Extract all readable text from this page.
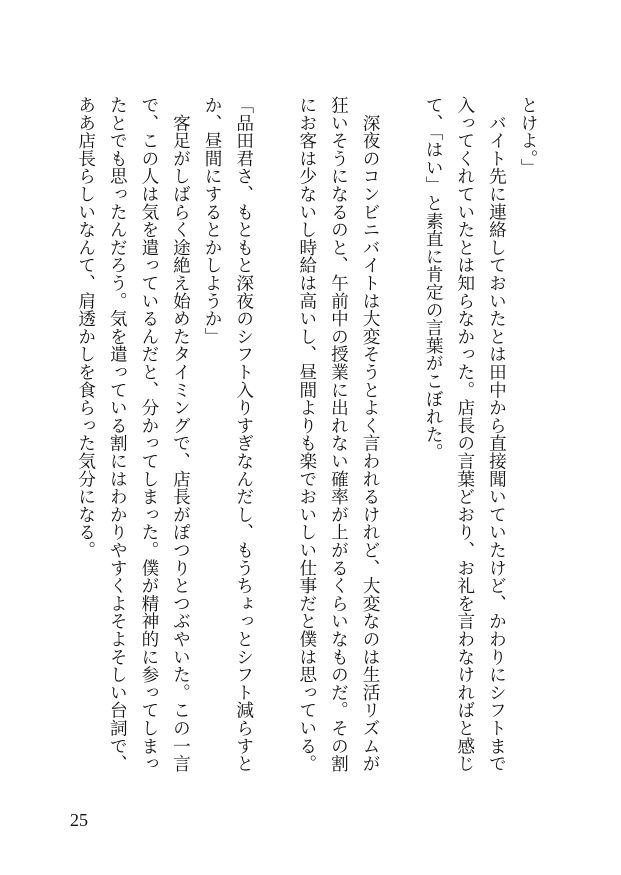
とけよ。」
　バイト先に連絡しておいたとは田中から直接聞いていたけど、かわりにシフトまで
入ってくれていたとは知らなかった。店長の言葉どおり、お礼を言わなければと感じ
て、「はい」と素直に肯定の言葉がこぼれた。
　深夜のコンビニバイトは大変そうとよく言われるけれど、大変なのは生活リズムが
狂いそうになるのと、午前中の授業に出れない確率が上がるくらいなものだ。その割
にお客は少ないし時給は高いし、昼間よりも楽でおいしい仕事だと僕は思っている。
「品田君さ、もともと深夜のシフト入りすぎなんだし、もうちょっとシフト減らすと
か、昼間にするとかしようか」
　客足がしばらく途絶え始めたタイミングで、店長がぽつりとつぶやいた。この一言
で、この人は気を遣っているんだと、分かってしまった。僕が精神的に参ってしまっ
たとでも思ったんだろう。気を遣っている割にはわかりやすくよそよそしい台詞で、
ああ店長らしいなんて、肩透かしを食らった気分になる。
25
